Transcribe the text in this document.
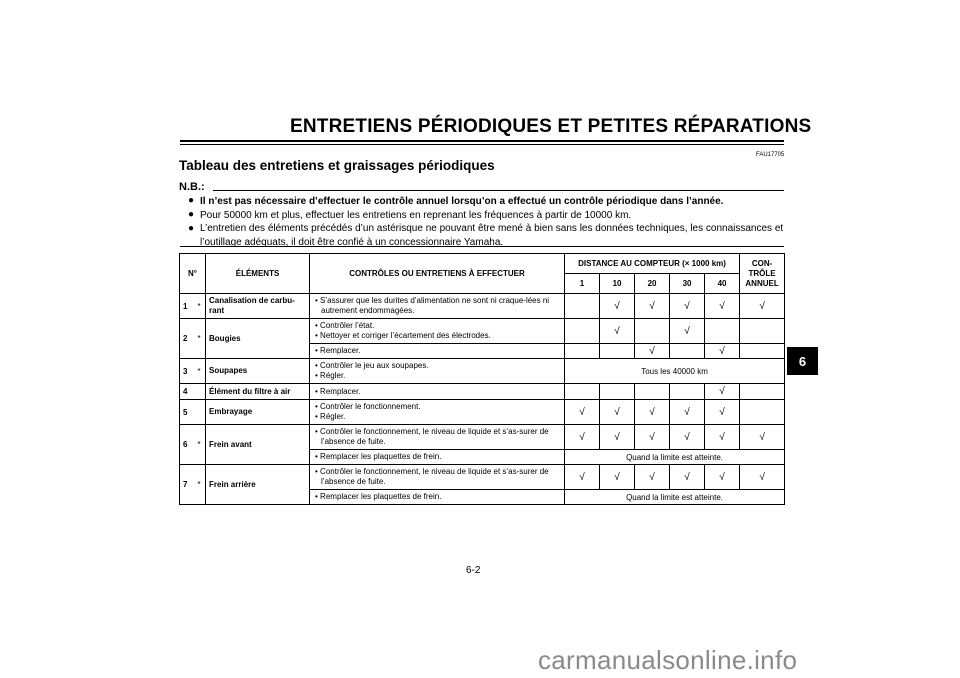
ENTRETIENS PÉRIODIQUES ET PETITES RÉPARATIONS
FAU17705
Tableau des entretiens et graissages périodiques
N.B.:
● Il n’est pas nécessaire d’effectuer le contrôle annuel lorsqu’on a effectué un contrôle périodique dans l’année.
● Pour 50000 km et plus, effectuer les entretiens en reprenant les fréquences à partir de 10000 km.
● L’entretien des éléments précédés d’un astérisque ne pouvant être mené à bien sans les données techniques, les connaissances et l’outillage adéquats, il doit être confié à un concessionnaire Yamaha.
N°		ÉLÉMENTS	CONTRÔLES OU ENTRETIENS À EFFECTUER	DISTANCE AU COMPTEUR (× 1000 km)					CON-TRÔLE ANNUEL
				1	10	20	30	40	
1	*	Canalisation de carbu-rant	• S’assurer que les durites d’alimentation ne sont ni craque-lées ni autrement endommagées.		√	√	√	√	√
2	*	Bougies	• Contrôler l’état.
• Nettoyer et corriger l’écartement des électrodes.		√		√		

			• Remplacer.			√		√	
3	*	Soupapes	• Contrôler le jeu aux soupapes.
• Régler.	Tous les 40000 km					
4		Élément du filtre à air	• Remplacer.					√	
5		Embrayage	• Contrôler le fonctionnement.
• Régler.	√	√	√	√	√	
6	*	Frein avant	• Contrôler le fonctionnement, le niveau de liquide et s’as-surer de l’absence de fuite.	√	√	√	√	√	√

			• Remplacer les plaquettes de frein.	Quand la limite est atteinte.					
7	*	Frein arrière	• Contrôler le fonctionnement, le niveau de liquide et s’as-surer de l’absence de fuite.	√	√	√	√	√	√

			• Remplacer les plaquettes de frein.	Quand la limite est atteinte.					
6
6-2
carmanualsonline.info
